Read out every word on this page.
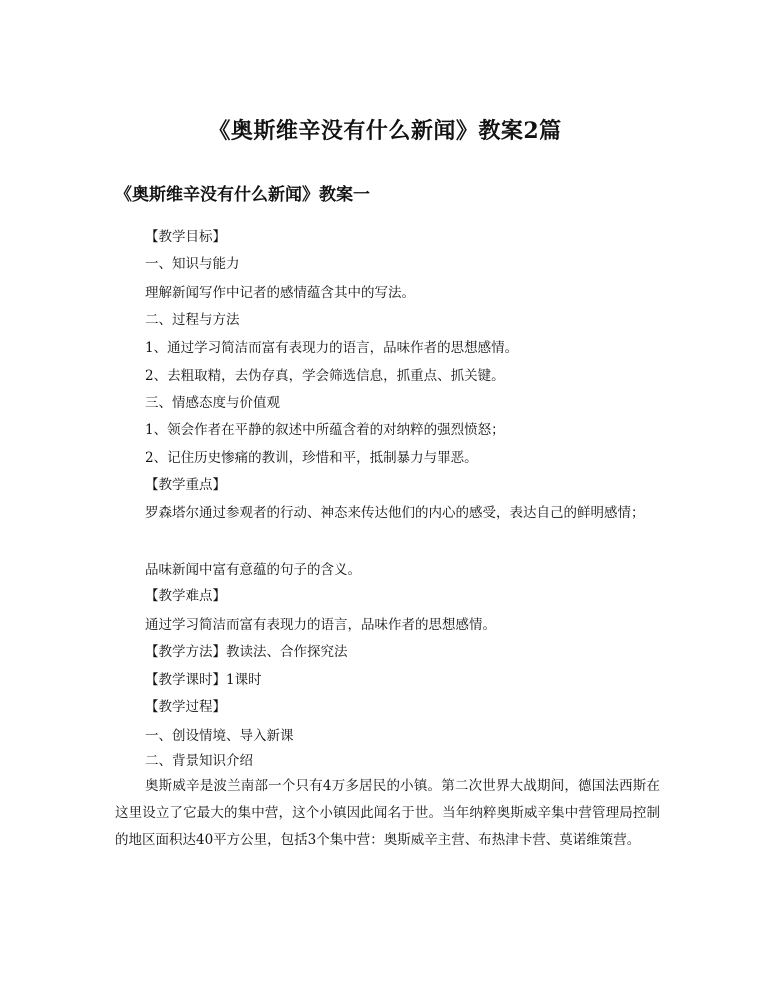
《奥斯维辛没有什么新闻》教案2篇
《奥斯维辛没有什么新闻》教案一

【教学目标】

一、知识与能力

理解新闻写作中记者的感情蕴含其中的写法。

二、过程与方法

1、通过学习简洁而富有表现力的语言，品味作者的思想感情。

2、去粗取精，去伪存真，学会筛选信息，抓重点、抓关键。

三、情感态度与价值观

1、领会作者在平静的叙述中所蕴含着的对纳粹的强烈愤怒；

2、记住历史惨痛的教训，珍惜和平，抵制暴力与罪恶。

【教学重点】

罗森塔尔通过参观者的行动、神态来传达他们的内心的感受，表达自己的鲜明感情；

品味新闻中富有意蕴的句子的含义。

【教学难点】

通过学习简洁而富有表现力的语言，品味作者的思想感情。

【教学方法】教读法、合作探究法

【教学课时】1课时

【教学过程】

一、创设情境、导入新课

二、背景知识介绍

奥斯威辛是波兰南部一个只有4万多居民的小镇。第二次世界大战期间，德国法西斯在这里设立了它最大的集中营，这个小镇因此闻名于世。当年纳粹奥斯威辛集中营管理局控制的地区面积达40平方公里，包括3个集中营：奥斯威辛主营、布热津卡营、莫诺维策营。
